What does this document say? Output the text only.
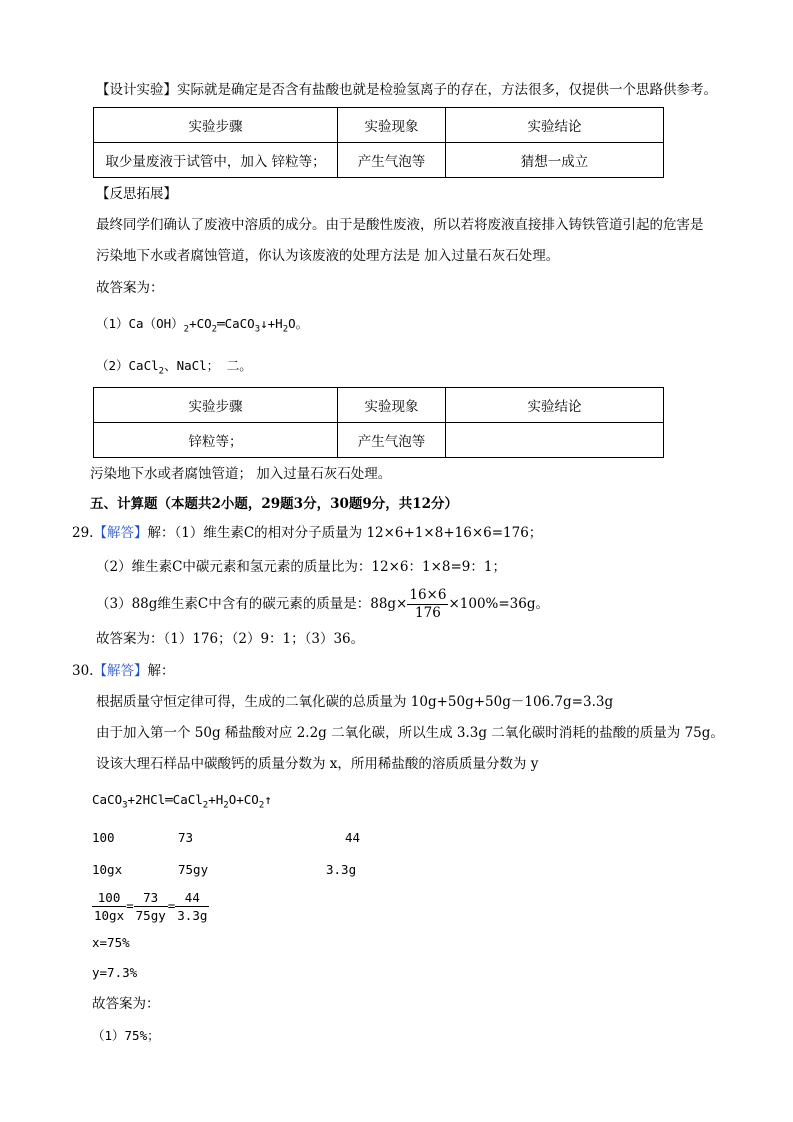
【设计实验】实际就是确定是否含有盐酸也就是检验氢离子的存在，方法很多，仅提供一个思路供参考。
实验步骤	实验现象	实验结论
取少量废液于试管中，加入 锌粒等；	产生气泡等	猜想一成立
【反思拓展】
最终同学们确认了废液中溶质的成分。由于是酸性废液，所以若将废液直接排入铸铁管道引起的危害是
污染地下水或者腐蚀管道，你认为该废液的处理方法是 加入过量石灰石处理。
故答案为：
$(1)Ca(OH)_2+CO_2═CaCO_3↓+H_2O$。
（2）CaCl$_2$、NaCl； 二。
实验步骤	实验现象	实验结论
锌粒等；	产生气泡等	
污染地下水或者腐蚀管道； 加入过量石灰石处理。
五、计算题（本题共2小题，29题3分，30题9分，共12分）
29.【解答】解：（1）维生素C的相对分子质量为 12×6+1×8+16×6=176；
（2）维生素C中碳元素和氢元素的质量比为：12×6：1×8=9：1；
（3）88g维生素C中含有的碳元素的质量是：$88g\times \frac{16\times 6}{176} \times 100\%=36g$。
故答案为：（1）176；（2）9：1；（3）36。
30.【解答】解：
根据质量守恒定律可得，生成的二氧化碳的总质量为 10g+50g+50g－106.7g=3.3g
由于加入第一个 50g 稀盐酸对应 2.2g 二氧化碳，所以生成 3.3g 二氧化碳时消耗的盐酸的质量为 75g。
设该大理石样品中碳酸钙的质量分数为 x，所用稀盐酸的溶质质量分数为 y
$CaCO_3+2HCl═CaCl_2+H_2O+CO_2↑$
100	73	44
10gx	75gy	3.3g
$\frac{100}{10gx} = \frac{73}{75gy} = \frac{44}{3.3g}$
x=75%
y=7.3%
故答案为：
（1）75%；
